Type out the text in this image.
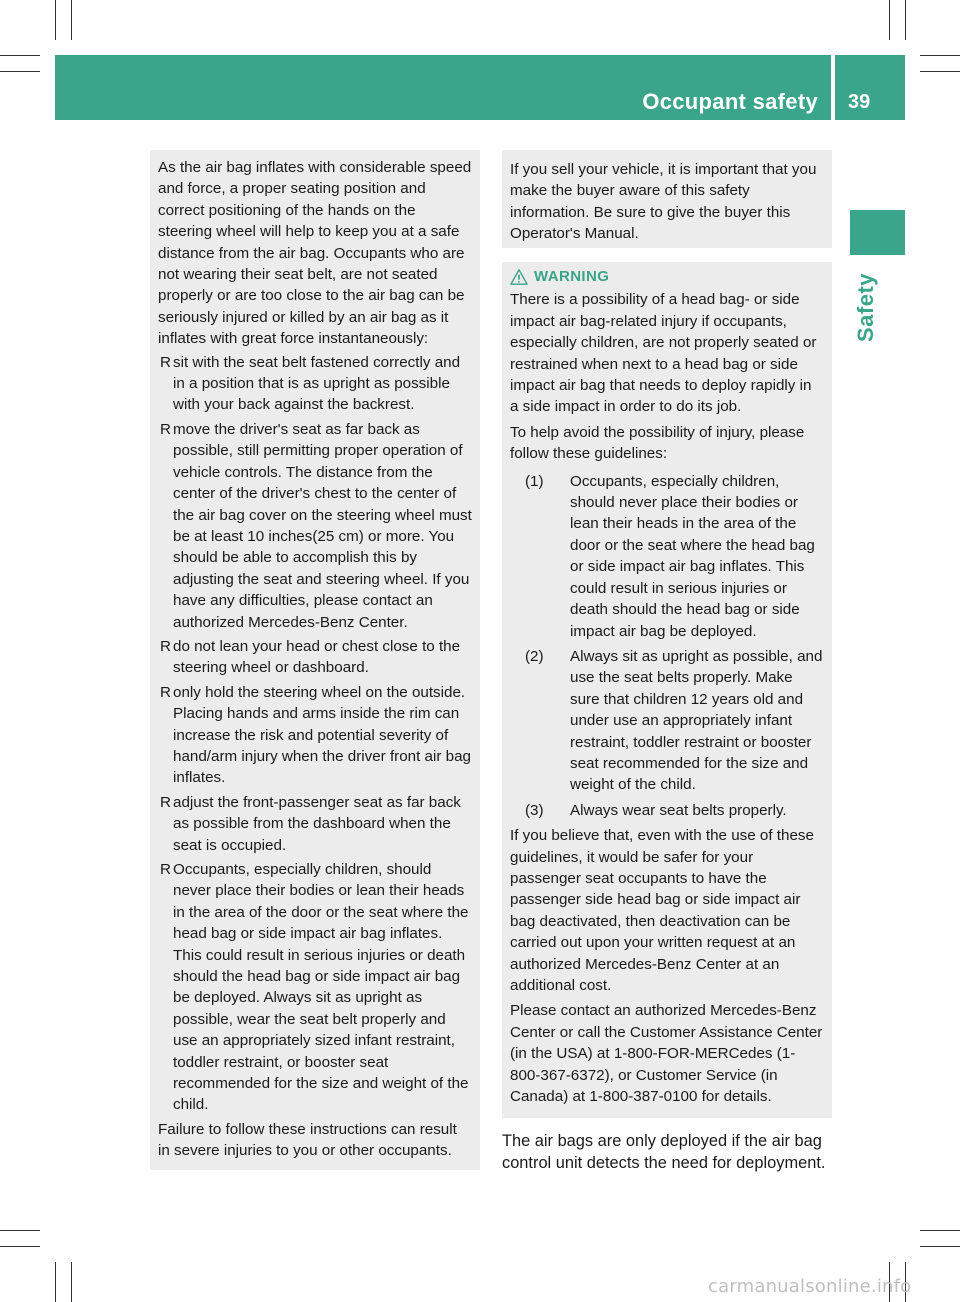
Occupant safety 39
Safety

As the air bag inflates with considerable speed and force, a proper seating position and correct positioning of the hands on the steering wheel will help to keep you at a safe distance from the air bag. Occupants who are not wearing their seat belt, are not seated properly or are too close to the air bag can be seriously injured or killed by an air bag as it inflates with great force instantaneously:

R sit with the seat belt fastened correctly and in a position that is as upright as possible with your back against the backrest.
R move the driver's seat as far back as possible, still permitting proper operation of vehicle controls. The distance from the center of the driver's chest to the center of the air bag cover on the steering wheel must be at least 10 inches(25 cm) or more. You should be able to accomplish this by adjusting the seat and steering wheel. If you have any difficulties, please contact an authorized Mercedes-Benz Center.
R do not lean your head or chest close to the steering wheel or dashboard.
R only hold the steering wheel on the outside. Placing hands and arms inside the rim can increase the risk and potential severity of hand/arm injury when the driver front air bag inflates.
R adjust the front-passenger seat as far back as possible from the dashboard when the seat is occupied.
R Occupants, especially children, should never place their bodies or lean their heads in the area of the door or the seat where the head bag or side impact air bag inflates. This could result in serious injuries or death should the head bag or side impact air bag be deployed. Always sit as upright as possible, wear the seat belt properly and use an appropriately sized infant restraint, toddler restraint, or booster seat recommended for the size and weight of the child.

Failure to follow these instructions can result in severe injuries to you or other occupants.

If you sell your vehicle, it is important that you make the buyer aware of this safety information. Be sure to give the buyer this Operator's Manual.

WARNING

There is a possibility of a head bag- or side impact air bag-related injury if occupants, especially children, are not properly seated or restrained when next to a head bag or side impact air bag that needs to deploy rapidly in a side impact in order to do its job.

To help avoid the possibility of injury, please follow these guidelines:

(1) Occupants, especially children, should never place their bodies or lean their heads in the area of the door or the seat where the head bag or side impact air bag inflates. This could result in serious injuries or death should the head bag or side impact air bag be deployed.
(2) Always sit as upright as possible, and use the seat belts properly. Make sure that children 12 years old and under use an appropriately infant restraint, toddler restraint or booster seat recommended for the size and weight of the child.
(3) Always wear seat belts properly.

If you believe that, even with the use of these guidelines, it would be safer for your passenger seat occupants to have the passenger side head bag or side impact air bag deactivated, then deactivation can be carried out upon your written request at an authorized Mercedes-Benz Center at an additional cost.

Please contact an authorized Mercedes-Benz Center or call the Customer Assistance Center (in the USA) at 1-800-FOR-MERCedes (1-800-367-6372), or Customer Service (in Canada) at 1-800-387-0100 for details.

The air bags are only deployed if the air bag control unit detects the need for deployment.
carmanualsonline.info
